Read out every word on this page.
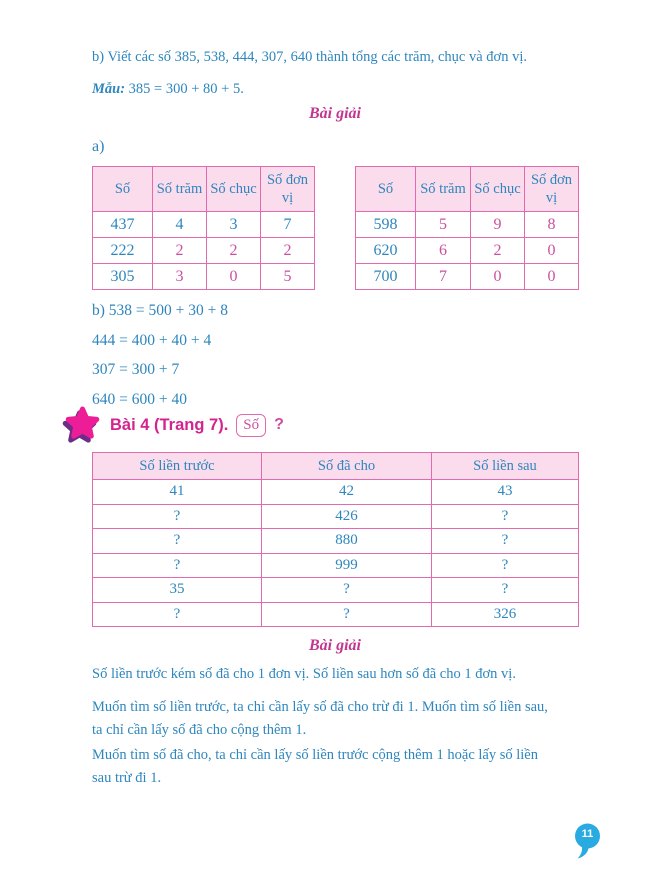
b) Viết các số 385, 538, 444, 307, 640 thành tổng các trăm, chục và đơn vị.
Mẫu: 385 = 300 + 80 + 5.
Bài giải
a)
Số	Số trăm	Số chục	Số đơn vị
437	4	3	7
222	2	2	2
305	3	0	5
Số	Số trăm	Số chục	Số đơn vị
598	5	9	8
620	6	2	0
700	7	0	0
b) 538 = 500 + 30 + 8
444 = 400 + 40 + 4
307 = 300 + 7
640 = 600 + 40
Bài 4 (Trang 7).	Số ?
Số liền trước	Số đã cho	Số liền sau
41	42	43
?	426	?
?	880	?
?	999	?
35	?	?
?	?	326
Bài giải
Số liền trước kém số đã cho 1 đơn vị. Số liền sau hơn số đã cho 1 đơn vị.
Muốn tìm số liền trước, ta chỉ cần lấy số đã cho trừ đi 1. Muốn tìm số liền sau,
ta chỉ cần lấy số đã cho cộng thêm 1.
Muốn tìm số đã cho, ta chỉ cần lấy số liền trước cộng thêm 1 hoặc lấy số liền
sau trừ đi 1.
11
